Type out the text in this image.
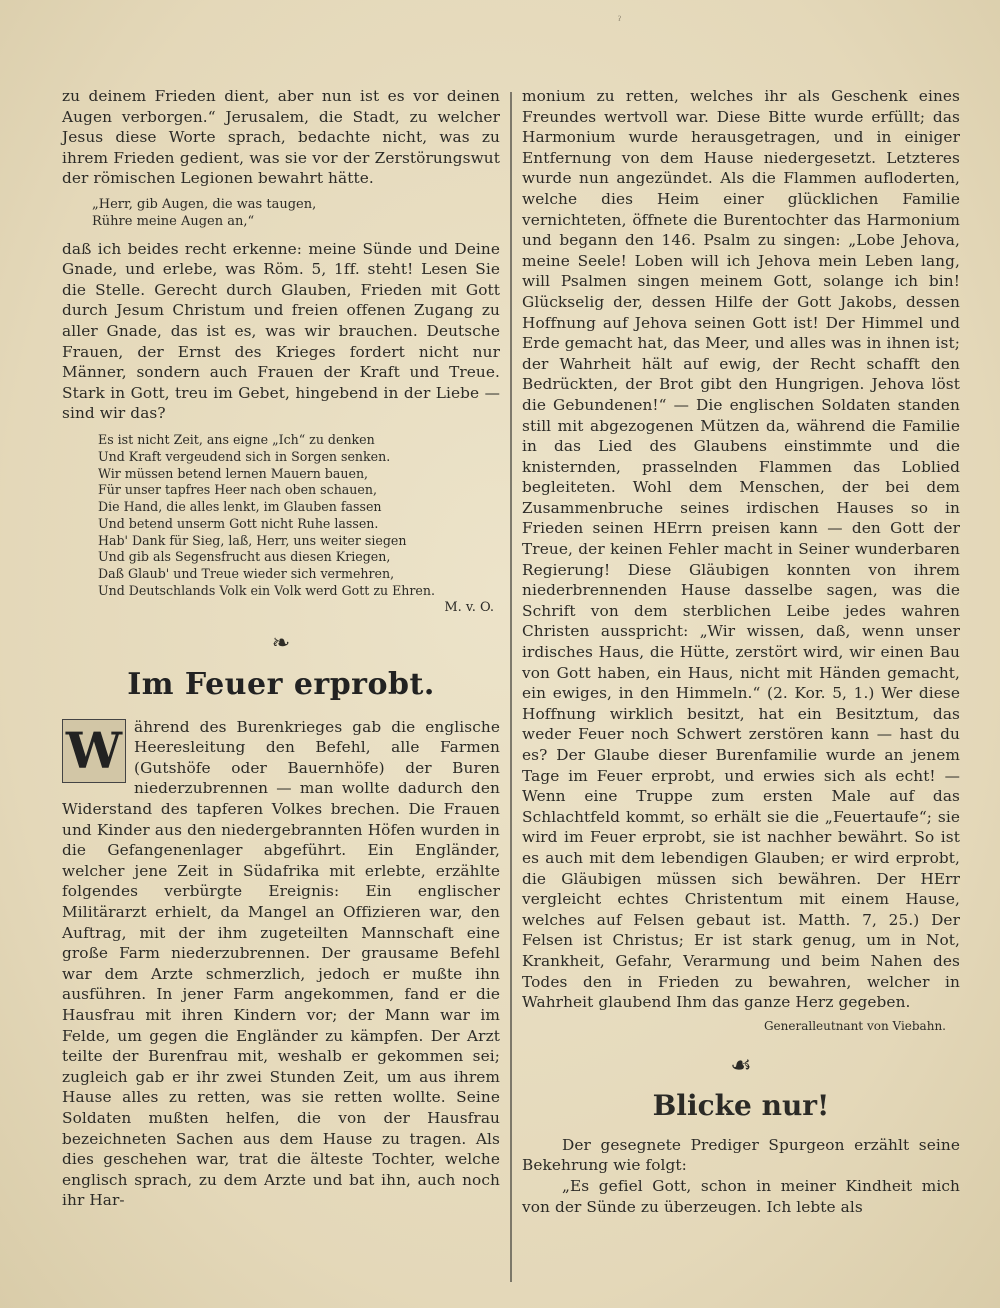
ˀ

zu deinem Frieden dient, aber nun ist es vor deinen Augen verborgen.“ Jerusalem, die Stadt, zu welcher Jesus diese Worte sprach, bedachte nicht, was zu ihrem Frieden gedient, was sie vor der Zerstörungswut der römischen Legionen bewahrt hätte.

„Herr, gib Augen, die was taugen,
Rühre meine Augen an,“

daß ich beides recht erkenne: meine Sünde und Deine Gnade, und erlebe, was Röm. 5, 1ff. steht! Lesen Sie die Stelle. Gerecht durch Glauben, Frieden mit Gott durch Jesum Christum und freien offenen Zugang zu aller Gnade, das ist es, was wir brauchen. Deutsche Frauen, der Ernst des Krieges fordert nicht nur Männer, sondern auch Frauen der Kraft und Treue. Stark in Gott, treu im Gebet, hingebend in der Liebe — sind wir das?

Es ist nicht Zeit, ans eigne „Ich“ zu denken
Und Kraft vergeudend sich in Sorgen senken.
Wir müssen betend lernen Mauern bauen,
Für unser tapfres Heer nach oben schauen,
Die Hand, die alles lenkt, im Glauben fassen
Und betend unserm Gott nicht Ruhe lassen.
Hab' Dank für Sieg, laß, Herr, uns weiter siegen
Und gib als Segensfrucht aus diesen Kriegen,
Daß Glaub' und Treue wieder sich vermehren,
Und Deutschlands Volk ein Volk werd Gott zu Ehren.
M. v. O.
❧
Im Feuer erprobt.
W ährend des Burenkrieges gab die englische Heeresleitung den Befehl, alle Farmen (Gutshöfe oder Bauernhöfe) der Buren niederzubrennen — man wollte dadurch den Widerstand des tapferen Volkes brechen. Die Frauen und Kinder aus den niedergebrannten Höfen wurden in die Gefangenenlager abgeführt. Ein Engländer, welcher jene Zeit in Südafrika mit erlebte, erzählte folgendes verbürgte Ereignis: Ein englischer Militärarzt erhielt, da Mangel an Offizieren war, den Auftrag, mit der ihm zugeteilten Mannschaft eine große Farm niederzubrennen. Der grausame Befehl war dem Arzte schmerzlich, jedoch er mußte ihn ausführen. In jener Farm angekommen, fand er die Hausfrau mit ihren Kindern vor; der Mann war im Felde, um gegen die Engländer zu kämpfen. Der Arzt teilte der Burenfrau mit, weshalb er gekommen sei; zugleich gab er ihr zwei Stunden Zeit, um aus ihrem Hause alles zu retten, was sie retten wollte. Seine Soldaten mußten helfen, die von der Hausfrau bezeichneten Sachen aus dem Hause zu tragen. Als dies geschehen war, trat die älteste Tochter, welche englisch sprach, zu dem Arzte und bat ihn, auch noch ihr Har-

monium zu retten, welches ihr als Geschenk eines Freundes wertvoll war. Diese Bitte wurde erfüllt; das Harmonium wurde herausgetragen, und in einiger Entfernung von dem Hause niedergesetzt. Letzteres wurde nun angezündet. Als die Flammen aufloderten, welche dies Heim einer glücklichen Familie vernichteten, öffnete die Burentochter das Harmonium und begann den 146. Psalm zu singen: „Lobe Jehova, meine Seele! Loben will ich Jehova mein Leben lang, will Psalmen singen meinem Gott, solange ich bin! Glückselig der, dessen Hilfe der Gott Jakobs, dessen Hoffnung auf Jehova seinen Gott ist! Der Himmel und Erde gemacht hat, das Meer, und alles was in ihnen ist; der Wahrheit hält auf ewig, der Recht schafft den Bedrückten, der Brot gibt den Hungrigen. Jehova löst die Gebundenen!“ — Die englischen Soldaten standen still mit abgezogenen Mützen da, während die Familie in das Lied des Glaubens einstimmte und die knisternden, prasselnden Flammen das Loblied begleiteten. Wohl dem Menschen, der bei dem Zusammenbruche seines irdischen Hauses so in Frieden seinen HErrn preisen kann — den Gott der Treue, der keinen Fehler macht in Seiner wunderbaren Regierung! Diese Gläubigen konnten von ihrem niederbrennenden Hause dasselbe sagen, was die Schrift von dem sterblichen Leibe jedes wahren Christen ausspricht: „Wir wissen, daß, wenn unser irdisches Haus, die Hütte, zerstört wird, wir einen Bau von Gott haben, ein Haus, nicht mit Händen gemacht, ein ewiges, in den Himmeln.“ (2. Kor. 5, 1.) Wer diese Hoffnung wirklich besitzt, hat ein Besitztum, das weder Feuer noch Schwert zerstören kann — hast du es? Der Glaube dieser Burenfamilie wurde an jenem Tage im Feuer erprobt, und erwies sich als echt! — Wenn eine Truppe zum ersten Male auf das Schlachtfeld kommt, so erhält sie die „Feuertaufe“; sie wird im Feuer erprobt, sie ist nachher bewährt. So ist es auch mit dem lebendigen Glauben; er wird erprobt, die Gläubigen müssen sich bewähren. Der HErr vergleicht echtes Christentum mit einem Hause, welches auf Felsen gebaut ist. Matth. 7, 25.) Der Felsen ist Christus; Er ist stark genug, um in Not, Krankheit, Gefahr, Verarmung und beim Nahen des Todes den in Frieden zu bewahren, welcher in Wahrheit glaubend Ihm das ganze Herz gegeben.

Generalleutnant von Viebahn.
☙
Blicke nur!

Der gesegnete Prediger Spurgeon erzählt seine Bekehrung wie folgt:

„Es gefiel Gott, schon in meiner Kindheit mich von der Sünde zu überzeugen. Ich lebte als
